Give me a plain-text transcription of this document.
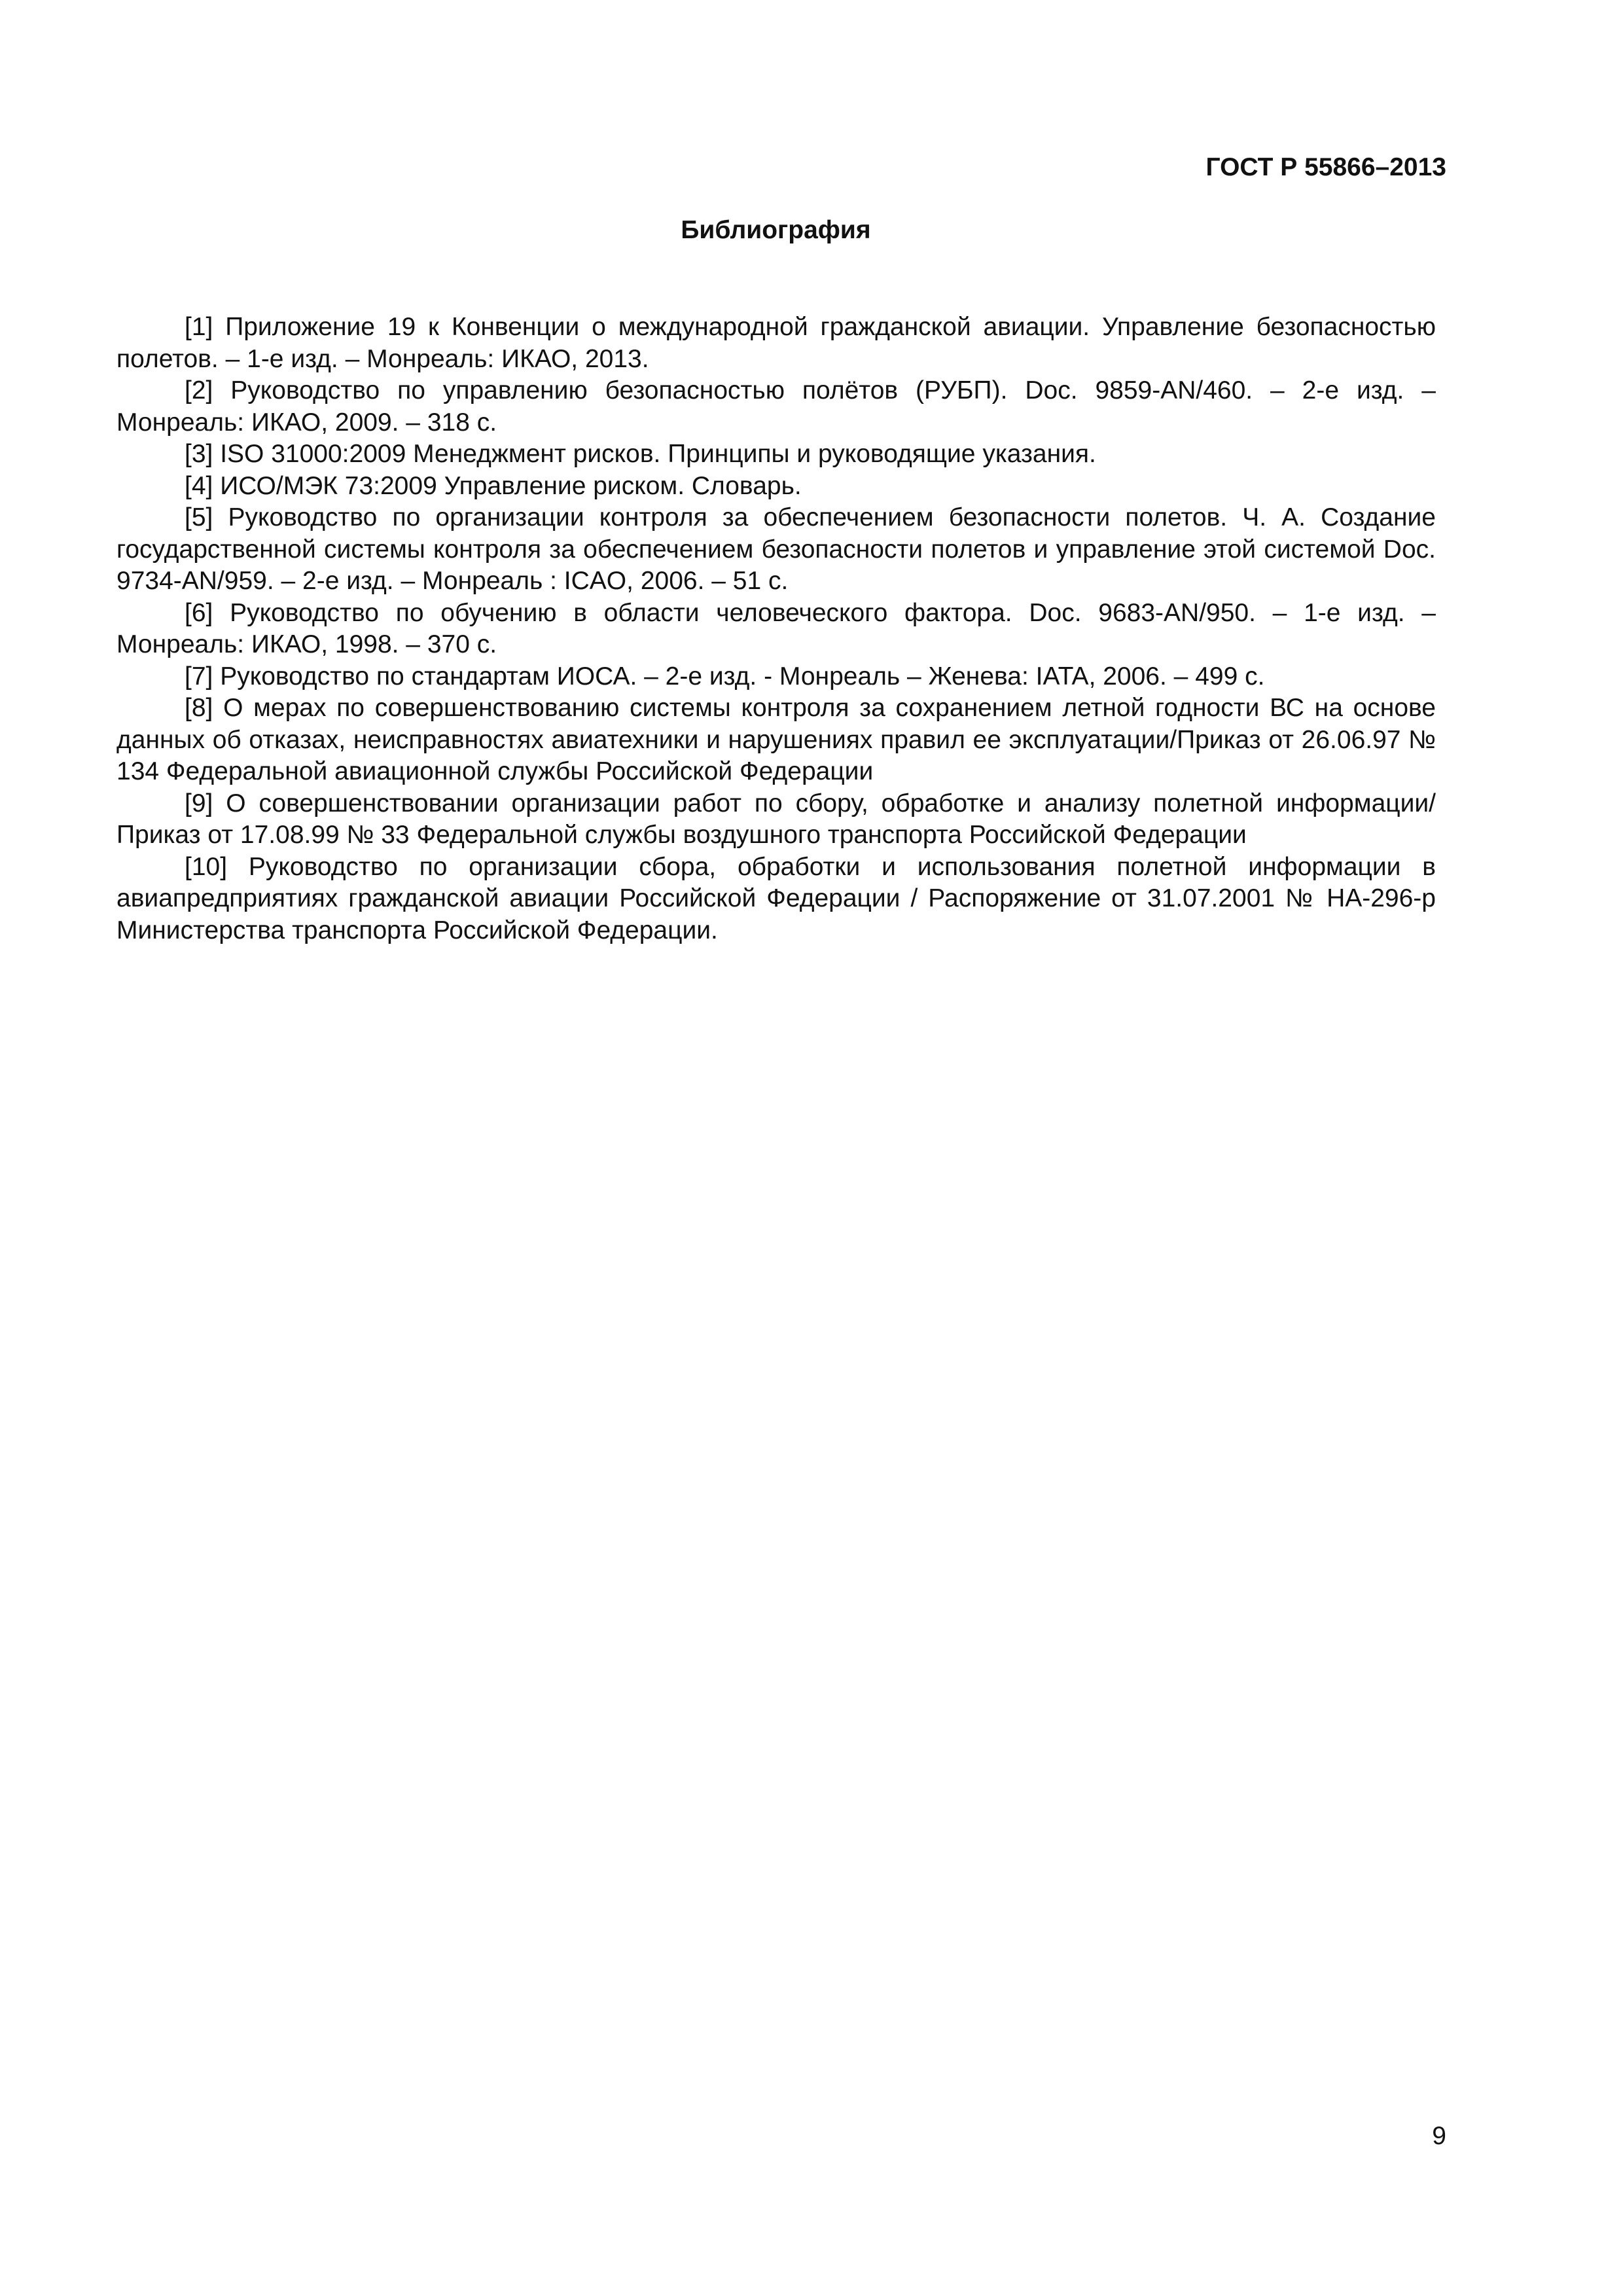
ГОСТ Р 55866–2013
Библиография
[1] Приложение 19 к Конвенции о международной гражданской авиации. Управление безопасностью полетов. – 1-е изд. – Монреаль: ИКАО, 2013.
[2] Руководство по управлению безопасностью полётов (РУБП). Doc. 9859-AN/460. – 2-е изд. – Монреаль: ИКАО, 2009. – 318 с.
[3] ISO 31000:2009 Менеджмент рисков. Принципы и руководящие указания.
[4] ИСО/МЭК 73:2009 Управление риском. Словарь.
[5] Руководство по организации контроля за обеспечением безопасности полетов. Ч. А. Создание государственной системы контроля за обеспечением безопасности полетов и управление этой системой Doc. 9734-AN/959. – 2-е изд. – Монреаль : ICAO, 2006. – 51 с.
[6] Руководство по обучению в области человеческого фактора. Doc. 9683-AN/950. – 1-е изд. – Монреаль: ИКАО, 1998. – 370 с.
[7] Руководство по стандартам ИОСА. – 2-е изд. - Монреаль – Женева: IATA, 2006. – 499 с.
[8] О мерах по совершенствованию системы контроля за сохранением летной годности ВС на основе данных об отказах, неисправностях авиатехники и нарушениях правил ее эксплуатации/Приказ от 26.06.97 № 134 Федеральной авиационной службы Российской Федерации
[9] О совершенствовании организации работ по сбору, обработке и анализу полетной информации/Приказ от 17.08.99 № 33 Федеральной службы воздушного транспорта Российской Федерации
[10] Руководство по организации сбора, обработки и использования полетной информации в авиапредприятиях гражданской авиации Российской Федерации / Распоряжение от 31.07.2001 № НА-296-р Министерства транспорта Российской Федерации.
9
